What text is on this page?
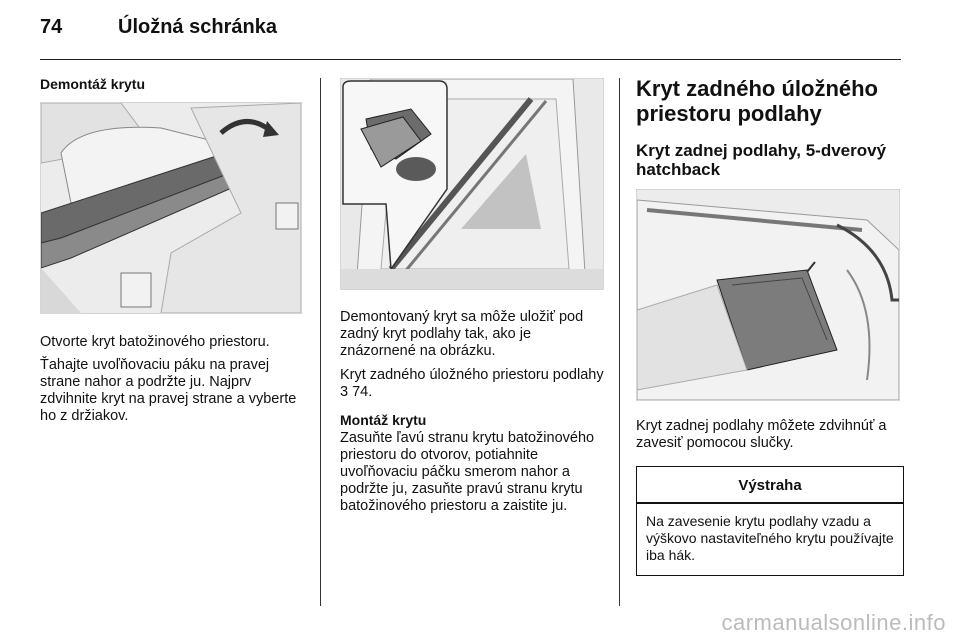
74	Úložná schránka
Demontáž krytu

Otvorte kryt batožinového priestoru.

Ťahajte uvoľňovaciu páku na pravej strane nahor a podržte ju. Najprv zdvihnite kryt na pravej strane a vyberte ho z držiakov.

Demontovaný kryt sa môže uložiť pod zadný kryt podlahy tak, ako je znázornené na obrázku.

Kryt zadného úložného priestoru podlahy 3 74.

Montáž krytu

Zasuňte ľavú stranu krytu batožinového priestoru do otvorov, potiahnite uvoľňovaciu páčku smerom nahor a podržte ju, zasuňte pravú stranu krytu batožinového priestoru a zaistite ju.

Kryt zadného úložného priestoru podlahy
Kryt zadnej podlahy, 5-dverový hatchback

Kryt zadnej podlahy môžete zdvihnúť a zavesiť pomocou slučky.

Výstraha
Na zavesenie krytu podlahy vzadu a výškovo nastaviteľného krytu používajte iba hák.
carmanualsonline.info
